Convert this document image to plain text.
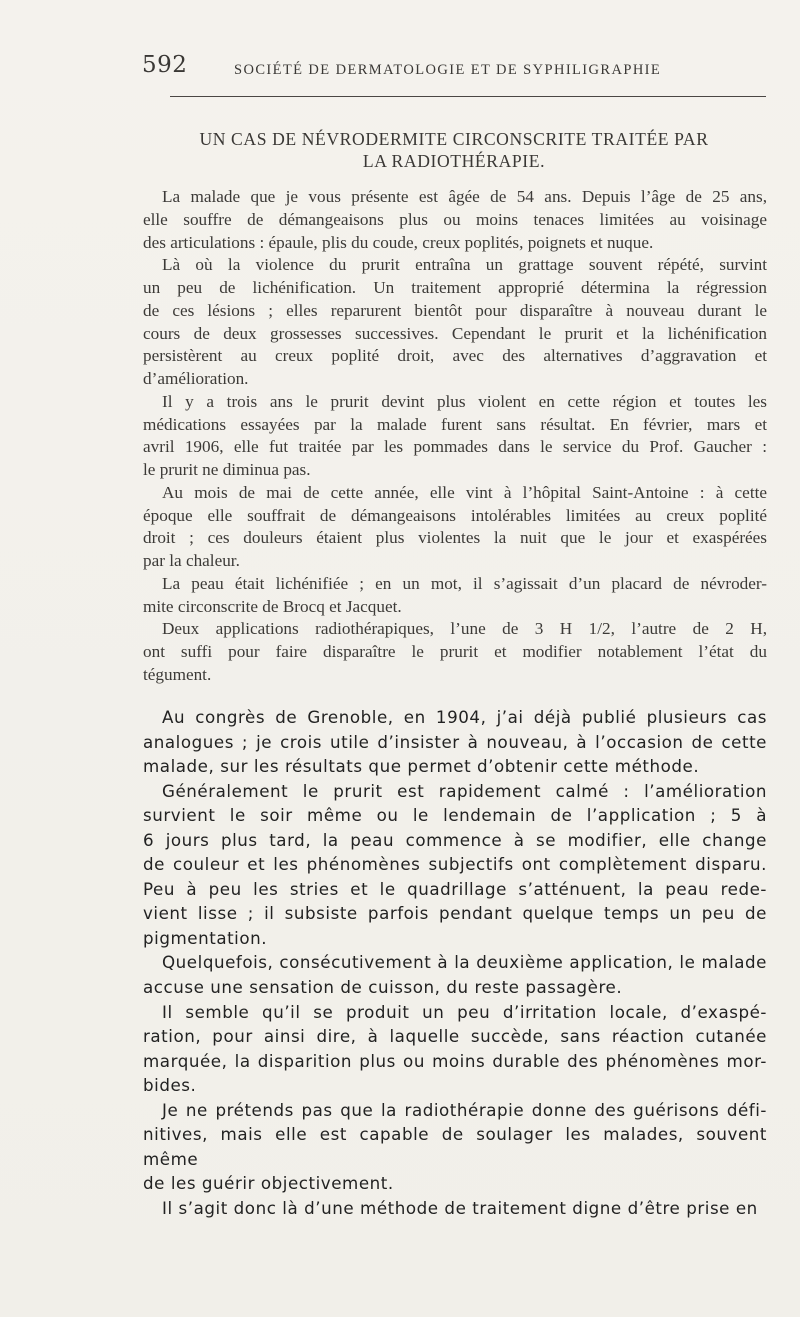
592	SOCIÉTÉ DE DERMATOLOGIE ET DE SYPHILIGRAPHIE
UN CAS DE NÉVRODERMITE CIRCONSCRITE TRAITÉE PAR
LA RADIOTHÉRAPIE.

La malade que je vous présente est âgée de 54 ans. Depuis l’âge de 25 ans,
elle souffre de démangeaisons plus ou moins tenaces limitées au voisinage
des articulations : épaule, plis du coude, creux poplités, poignets et nuque.

Là où la violence du prurit entraîna un grattage souvent répété, survint
un peu de lichénification. Un traitement approprié détermina la régression
de ces lésions ; elles reparurent bientôt pour disparaître à nouveau durant le
cours de deux grossesses successives. Cependant le prurit et la lichénification
persistèrent au creux poplité droit, avec des alternatives d’aggravation et
d’amélioration.

Il y a trois ans le prurit devint plus violent en cette région et toutes les
médications essayées par la malade furent sans résultat. En février, mars et
avril 1906, elle fut traitée par les pommades dans le service du Prof. Gaucher :
le prurit ne diminua pas.

Au mois de mai de cette année, elle vint à l’hôpital Saint-Antoine : à cette
époque elle souffrait de démangeaisons intolérables limitées au creux poplité
droit ; ces douleurs étaient plus violentes la nuit que le jour et exaspérées
par la chaleur.

La peau était lichénifiée ; en un mot, il s’agissait d’un placard de névroder-
mite circonscrite de Brocq et Jacquet.

Deux applications radiothérapiques, l’une de 3 H 1/2, l’autre de 2 H,
ont suffi pour faire disparaître le prurit et modifier notablement l’état du
tégument.

Au congrès de Grenoble, en 1904, j’ai déjà publié plusieurs cas
analogues ; je crois utile d’insister à nouveau, à l’occasion de cette
malade, sur les résultats que permet d’obtenir cette méthode.

Généralement le prurit est rapidement calmé : l’amélioration
survient le soir même ou le lendemain de l’application ; 5 à
6 jours plus tard, la peau commence à se modifier, elle change
de couleur et les phénomènes subjectifs ont complètement disparu.
Peu à peu les stries et le quadrillage s’atténuent, la peau rede-
vient lisse ; il subsiste parfois pendant quelque temps un peu de
pigmentation.

Quelquefois, consécutivement à la deuxième application, le malade
accuse une sensation de cuisson, du reste passagère.

Il semble qu’il se produit un peu d’irritation locale, d’exaspé-
ration, pour ainsi dire, à laquelle succède, sans réaction cutanée
marquée, la disparition plus ou moins durable des phénomènes mor-
bides.

Je ne prétends pas que la radiothérapie donne des guérisons défi-
nitives, mais elle est capable de soulager les malades, souvent même
de les guérir objectivement.

Il s’agit donc là d’une méthode de traitement digne d’être prise en
